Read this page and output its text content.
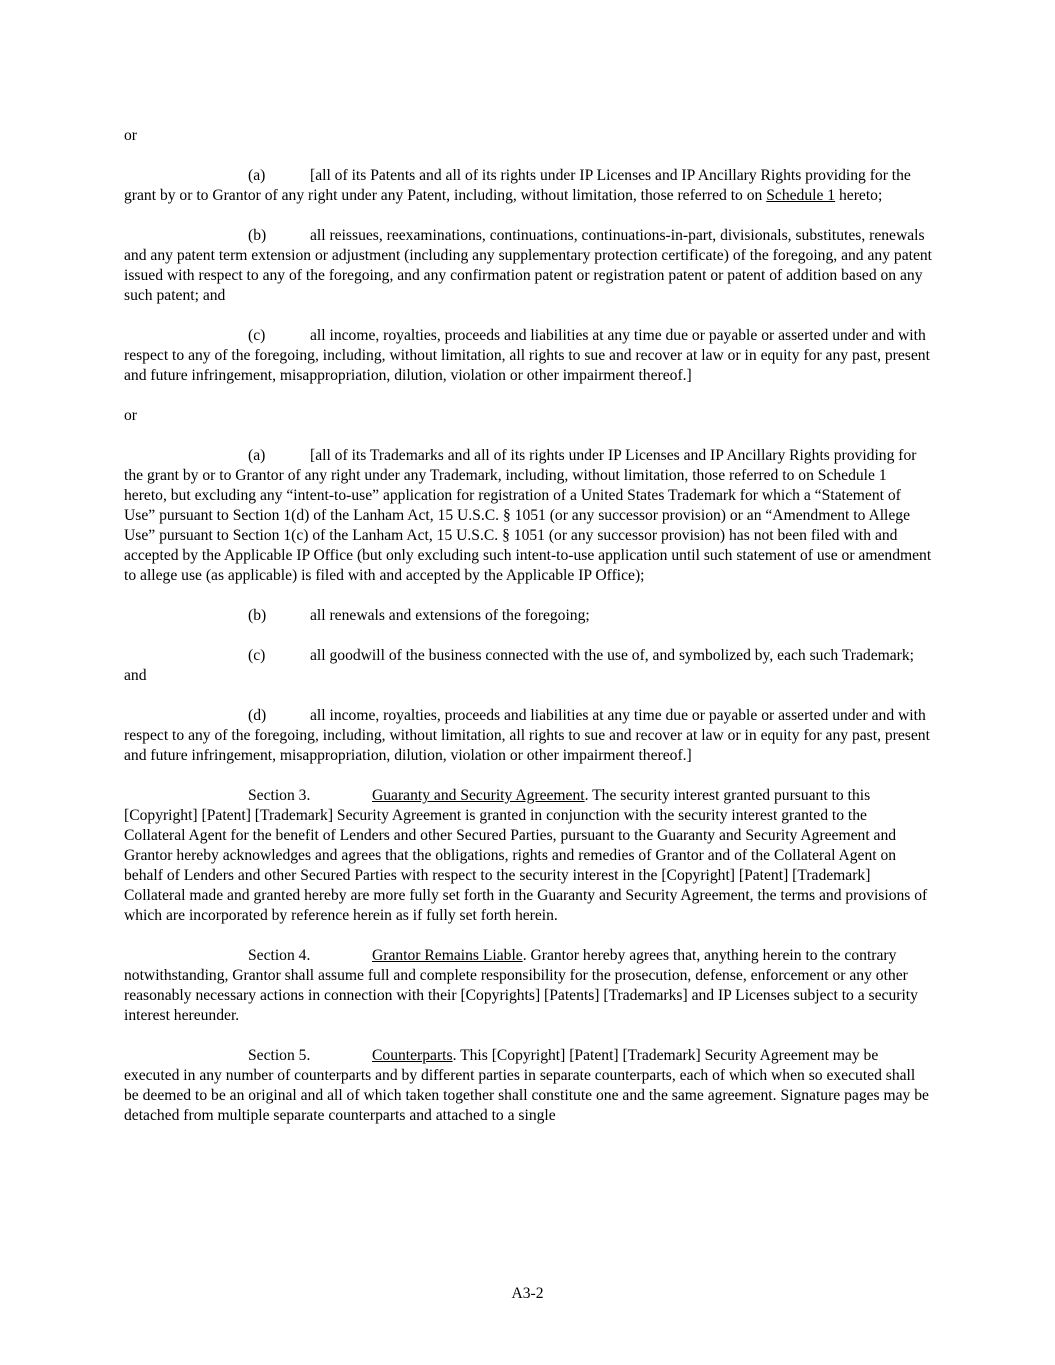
or

(a)	[all of its Patents and all of its rights under IP Licenses and IP Ancillary Rights providing for the grant by or to Grantor of any right under any Patent, including, without limitation, those referred to on Schedule 1 hereto;

(b)	all reissues, reexaminations, continuations, continuations-in-part, divisionals, substitutes, renewals and any patent term extension or adjustment (including any supplementary protection certificate) of the foregoing, and any patent issued with respect to any of the foregoing, and any confirmation patent or registration patent or patent of addition based on any such patent; and

(c)	all income, royalties, proceeds and liabilities at any time due or payable or asserted under and with respect to any of the foregoing, including, without limitation, all rights to sue and recover at law or in equity for any past, present and future infringement, misappropriation, dilution, violation or other impairment thereof.]

or

(a)	[all of its Trademarks and all of its rights under IP Licenses and IP Ancillary Rights providing for the grant by or to Grantor of any right under any Trademark, including, without limitation, those referred to on Schedule 1 hereto, but excluding any “intent-to-use” application for registration of a United States Trademark for which a “Statement of Use” pursuant to Section 1(d) of the Lanham Act, 15 U.S.C. § 1051 (or any successor provision) or an “Amendment to Allege Use” pursuant to Section 1(c) of the Lanham Act, 15 U.S.C. § 1051 (or any successor provision) has not been filed with and accepted by the Applicable IP Office (but only excluding such intent-to-use application until such statement of use or amendment to allege use (as applicable) is filed with and accepted by the Applicable IP Office);

(b)	all renewals and extensions of the foregoing;

(c)	all goodwill of the business connected with the use of, and symbolized by, each such Trademark; and

(d)	all income, royalties, proceeds and liabilities at any time due or payable or asserted under and with respect to any of the foregoing, including, without limitation, all rights to sue and recover at law or in equity for any past, present and future infringement, misappropriation, dilution, violation or other impairment thereof.]

Section 3.	Guaranty and Security Agreement. The security interest granted pursuant to this [Copyright] [Patent] [Trademark] Security Agreement is granted in conjunction with the security interest granted to the Collateral Agent for the benefit of Lenders and other Secured Parties, pursuant to the Guaranty and Security Agreement and Grantor hereby acknowledges and agrees that the obligations, rights and remedies of Grantor and of the Collateral Agent on behalf of Lenders and other Secured Parties with respect to the security interest in the [Copyright] [Patent] [Trademark] Collateral made and granted hereby are more fully set forth in the Guaranty and Security Agreement, the terms and provisions of which are incorporated by reference herein as if fully set forth herein.

Section 4.	Grantor Remains Liable. Grantor hereby agrees that, anything herein to the contrary notwithstanding, Grantor shall assume full and complete responsibility for the prosecution, defense, enforcement or any other reasonably necessary actions in connection with their [Copyrights] [Patents] [Trademarks] and IP Licenses subject to a security interest hereunder.

Section 5.	Counterparts. This [Copyright] [Patent] [Trademark] Security Agreement may be executed in any number of counterparts and by different parties in separate counterparts, each of which when so executed shall be deemed to be an original and all of which taken together shall constitute one and the same agreement. Signature pages may be detached from multiple separate counterparts and attached to a single

A3-2
